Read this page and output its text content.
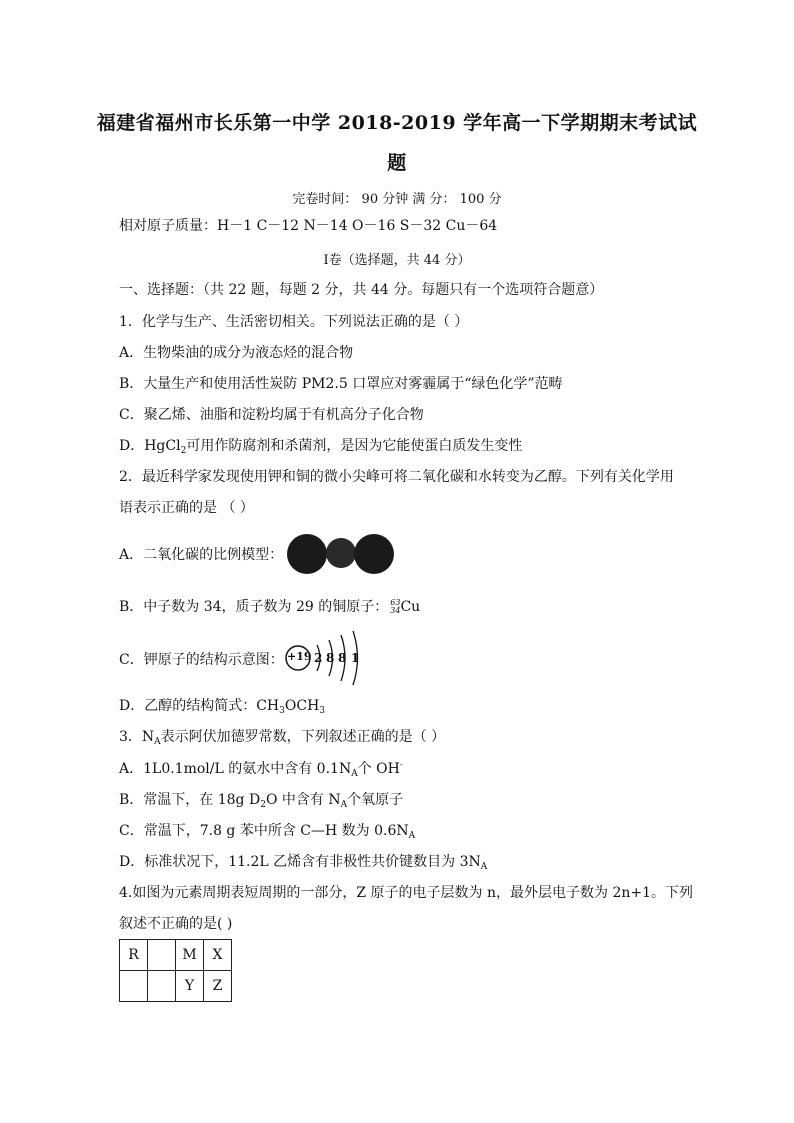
福建省福州市长乐第一中学 2018-2019 学年高一下学期期末考试试
题
完卷时间： 90 分钟 满 分： 100 分
相对原子质量：H－1 C－12 N－14 O－16 S－32 Cu－64
Ⅰ卷（选择题，共 44 分）
一、选择题：（共 22 题，每题 2 分，共 44 分。每题只有一个选项符合题意）
1．化学与生产、生活密切相关。下列说法正确的是（ ）
A．生物柴油的成分为液态烃的混合物
B．大量生产和使用活性炭防 PM2.5 口罩应对雾霾属于“绿色化学”范畴
C．聚乙烯、油脂和淀粉均属于有机高分子化合物
D．HgCl$_2$可用作防腐剂和杀菌剂，是因为它能使蛋白质发生变性
2．最近科学家发现使用钾和铜的微小尖峰可将二氧化碳和水转变为乙醇。下列有关化学用
语表示正确的是 （ ）
A．二氧化碳的比例模型：
B．中子数为 34，质子数为 29 的铜原子： 63
34 Cu
C．钾原子的结构示意图： +19 2 8 8 1
D．乙醇的结构简式：$CH_3OCH_3$
3．$N_A$表示阿伏加德罗常数，下列叙述正确的是（ ）
A．1L0.1mol/L 的氨水中含有 $0.1N_A$个 OH-
B．常温下，在 18g $D_2O$ 中含有 $N_A$个氧原子
C．常温下，7.8 g 苯中所含 C—H 数为 $0.6N_A$
D．标准状况下，11.2L 乙烯含有非极性共价键数目为 $3N_A$
4.如图为元素周期表短周期的一部分，Z 原子的电子层数为 n，最外层电子数为 2n+1。下列
叙述不正确的是( )
R		M	X
		Y	Z
